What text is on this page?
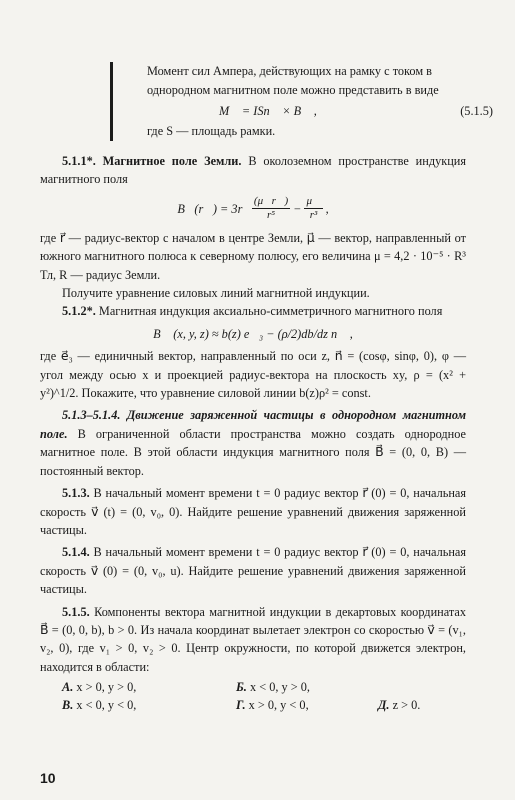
Момент сил Ампера, действующих на рамку с током в
однородном магнитном поле можно представить в виде
M⃗ = ISn⃗ × B⃗ ,	(5.1.5)
где S — площадь рамки.

5.1.1*. Магнитное поле Земли. В околоземном пространстве индукция магнитного поля

B⃗(r⃗) = 3r⃗ $\frac{(\mu⃗r⃗)}{\text{r⁵}} - \frac{\mu⃗}{\text{r³}}$ ,

где r⃗ — радиус-вектор с началом в центре Земли, μ⃗ — вектор, направленный от южного магнитного полюса к северному полюсу, его величина μ = 4,2 · 10⁻⁵ · R³ Тл, R — радиус Земли.

Получите уравнение силовых линий магнитной индукции.

5.1.2*. Магнитная индукция аксиально-симметричного магнитного поля

B⃗ (x, y, z) ≈ b(z) e⃗₃ − (ρ/2)db/dz n⃗ ,

где e⃗₃ — единичный вектор, направленный по оси z, n⃗ = (cosφ, sinφ, 0), φ — угол между осью x и проекцией радиус-вектора на плоскость xy, ρ = (x² + y²)^1/2. Покажите, что уравнение силовой линии b(z)ρ² = const.

5.1.3–5.1.4. Движение заряженной частицы в однородном магнитном поле. В ограниченной области пространства можно создать однородное магнитное поле. В этой области индукция магнитного поля B⃗ = (0, 0, B) — постоянный вектор.

5.1.3. В начальный момент времени t = 0 радиус вектор r⃗ (0) = 0, начальная скорость v⃗ (t) = (0, v₀, 0). Найдите решение уравнений движения заряженной частицы.

5.1.4. В начальный момент времени t = 0 радиус вектор r⃗ (0) = 0, начальная скорость v⃗ (0) = (0, v₀, u). Найдите решение уравнений движения заряженной частицы.

5.1.5. Компоненты вектора магнитной индукции в декартовых координатах B⃗ = (0, 0, b), b > 0. Из начала координат вылетает электрон со скоростью v⃗ = (v₁, v₂, 0), где v₁ > 0, v₂ > 0. Центр окружности, по которой движется электрон, находится в области:

А. x > 0, y > 0,	Б. x < 0, y > 0,
В. x < 0, y < 0,	Г. x > 0, y < 0,	Д. z > 0.
10
